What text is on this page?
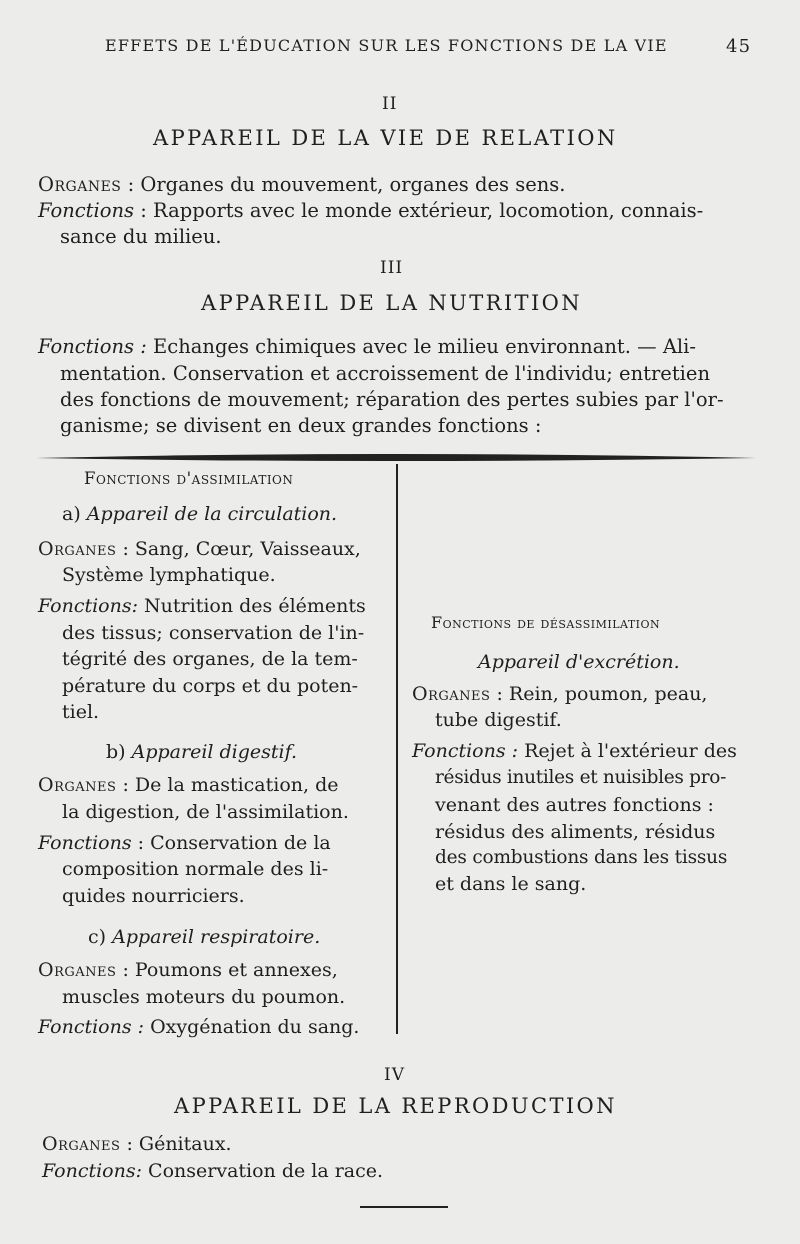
EFFETS DE L'ÉDUCATION SUR LES FONCTIONS DE LA VIE	45
II
APPAREIL DE LA VIE DE RELATION
Organes : Organes du mouvement, organes des sens.
Fonctions : Rapports avec le monde extérieur, locomotion, connais-
sance du milieu.
III
APPAREIL DE LA NUTRITION
Fonctions : Echanges chimiques avec le milieu environnant. — Ali-
mentation. Conservation et accroissement de l'individu; entretien
des fonctions de mouvement; réparation des pertes subies par l'or-
ganisme; se divisent en deux grandes fonctions :
Fonctions d'assimilation
a) Appareil de la circulation.
Organes : Sang, Cœur, Vaisseaux,
Système lymphatique.
Fonctions: Nutrition des éléments
des tissus; conservation de l'in-
tégrité des organes, de la tem-
pérature du corps et du poten-
tiel.
b) Appareil digestif.
Organes : De la mastication, de
la digestion, de l'assimilation.
Fonctions : Conservation de la
composition normale des li-
quides nourriciers.
c) Appareil respiratoire.
Organes : Poumons et annexes,
muscles moteurs du poumon.
Fonctions : Oxygénation du sang.
Fonctions de désassimilation
Appareil d'excrétion.
Organes : Rein, poumon, peau,
tube digestif.
Fonctions : Rejet à l'extérieur des
résidus inutiles et nuisibles pro-
venant des autres fonctions :
résidus des aliments, résidus
des combustions dans les tissus
et dans le sang.
IV
APPAREIL DE LA REPRODUCTION
Organes : Génitaux.
Fonctions: Conservation de la race.
